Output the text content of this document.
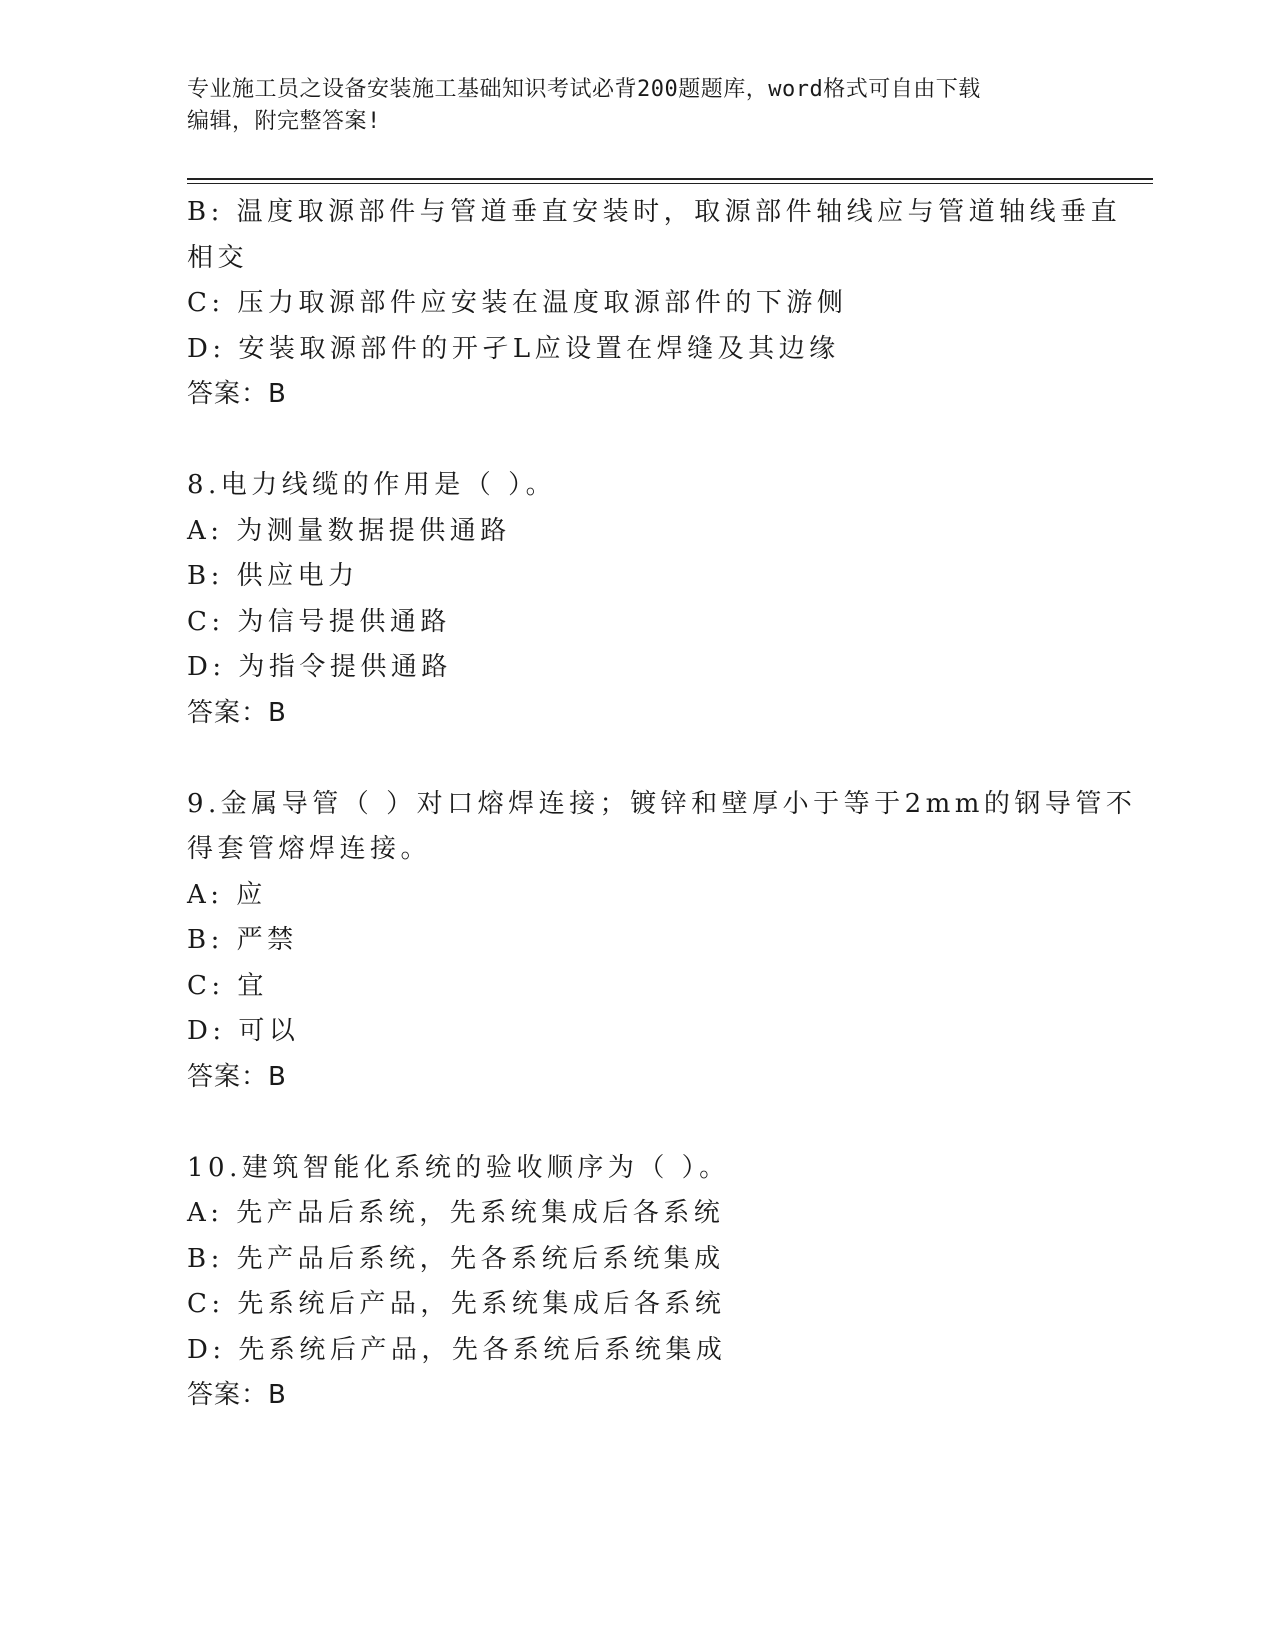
专业施工员之设备安装施工基础知识考试必背200题题库，word格式可自由下载
编辑，附完整答案!
B: 温度取源部件与管道垂直安装时，取源部件轴线应与管道轴线垂直
相交
C: 压力取源部件应安装在温度取源部件的下游侧
D: 安装取源部件的开孑L应设置在焊缝及其边缘
答案：B
8.电力线缆的作用是（ ）。
A: 为测量数据提供通路
B: 供应电力
C: 为信号提供通路
D: 为指令提供通路
答案：B
9.金属导管（ ）对口熔焊连接；镀锌和壁厚小于等于2mm的钢导管不
得套管熔焊连接。
A: 应
B: 严禁
C: 宜
D: 可以
答案：B
10.建筑智能化系统的验收顺序为（ ）。
A: 先产品后系统，先系统集成后各系统
B: 先产品后系统，先各系统后系统集成
C: 先系统后产品，先系统集成后各系统
D: 先系统后产品，先各系统后系统集成
答案：B
